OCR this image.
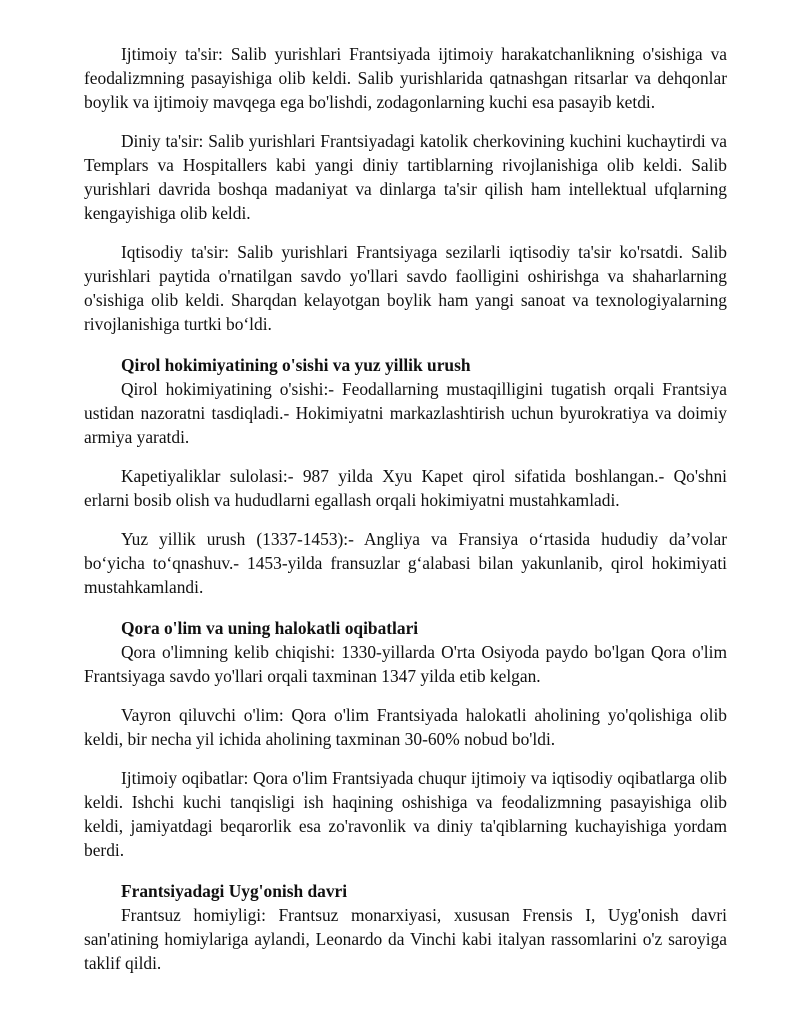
Ijtimoiy ta'sir: Salib yurishlari Frantsiyada ijtimoiy harakatchanlikning o'sishiga va feodalizmning pasayishiga olib keldi. Salib yurishlarida qatnashgan ritsarlar va dehqonlar boylik va ijtimoiy mavqega ega bo'lishdi, zodagonlarning kuchi esa pasayib ketdi.

Diniy ta'sir: Salib yurishlari Frantsiyadagi katolik cherkovining kuchini kuchaytirdi va Templars va Hospitallers kabi yangi diniy tartiblarning rivojlanishiga olib keldi. Salib yurishlari davrida boshqa madaniyat va dinlarga ta'sir qilish ham intellektual ufqlarning kengayishiga olib keldi.

Iqtisodiy ta'sir: Salib yurishlari Frantsiyaga sezilarli iqtisodiy ta'sir ko'rsatdi. Salib yurishlari paytida o'rnatilgan savdo yo'llari savdo faolligini oshirishga va shaharlarning o'sishiga olib keldi. Sharqdan kelayotgan boylik ham yangi sanoat va texnologiyalarning rivojlanishiga turtki bo‘ldi.

Qirol hokimiyatining o'sishi va yuz yillik urush

Qirol hokimiyatining o'sishi:- Feodallarning mustaqilligini tugatish orqali Frantsiya ustidan nazoratni tasdiqladi.- Hokimiyatni markazlashtirish uchun byurokratiya va doimiy armiya yaratdi.

Kapetiyaliklar sulolasi:- 987 yilda Xyu Kapet qirol sifatida boshlangan.- Qo'shni erlarni bosib olish va hududlarni egallash orqali hokimiyatni mustahkamladi.

Yuz yillik urush (1337-1453):- Angliya va Fransiya o‘rtasida hududiy da’volar bo‘yicha to‘qnashuv.- 1453-yilda fransuzlar g‘alabasi bilan yakunlanib, qirol hokimiyati mustahkamlandi.

Qora o'lim va uning halokatli oqibatlari

Qora o'limning kelib chiqishi: 1330-yillarda O'rta Osiyoda paydo bo'lgan Qora o'lim Frantsiyaga savdo yo'llari orqali taxminan 1347 yilda etib kelgan.

Vayron qiluvchi o'lim: Qora o'lim Frantsiyada halokatli aholining yo'qolishiga olib keldi, bir necha yil ichida aholining taxminan 30-60% nobud bo'ldi.

Ijtimoiy oqibatlar: Qora o'lim Frantsiyada chuqur ijtimoiy va iqtisodiy oqibatlarga olib keldi. Ishchi kuchi tanqisligi ish haqining oshishiga va feodalizmning pasayishiga olib keldi, jamiyatdagi beqarorlik esa zo'ravonlik va diniy ta'qiblarning kuchayishiga yordam berdi.

Frantsiyadagi Uyg'onish davri

Frantsuz homiyligi: Frantsuz monarxiyasi, xususan Frensis I, Uyg'onish davri san'atining homiylariga aylandi, Leonardo da Vinchi kabi italyan rassomlarini o'z saroyiga taklif qildi.
